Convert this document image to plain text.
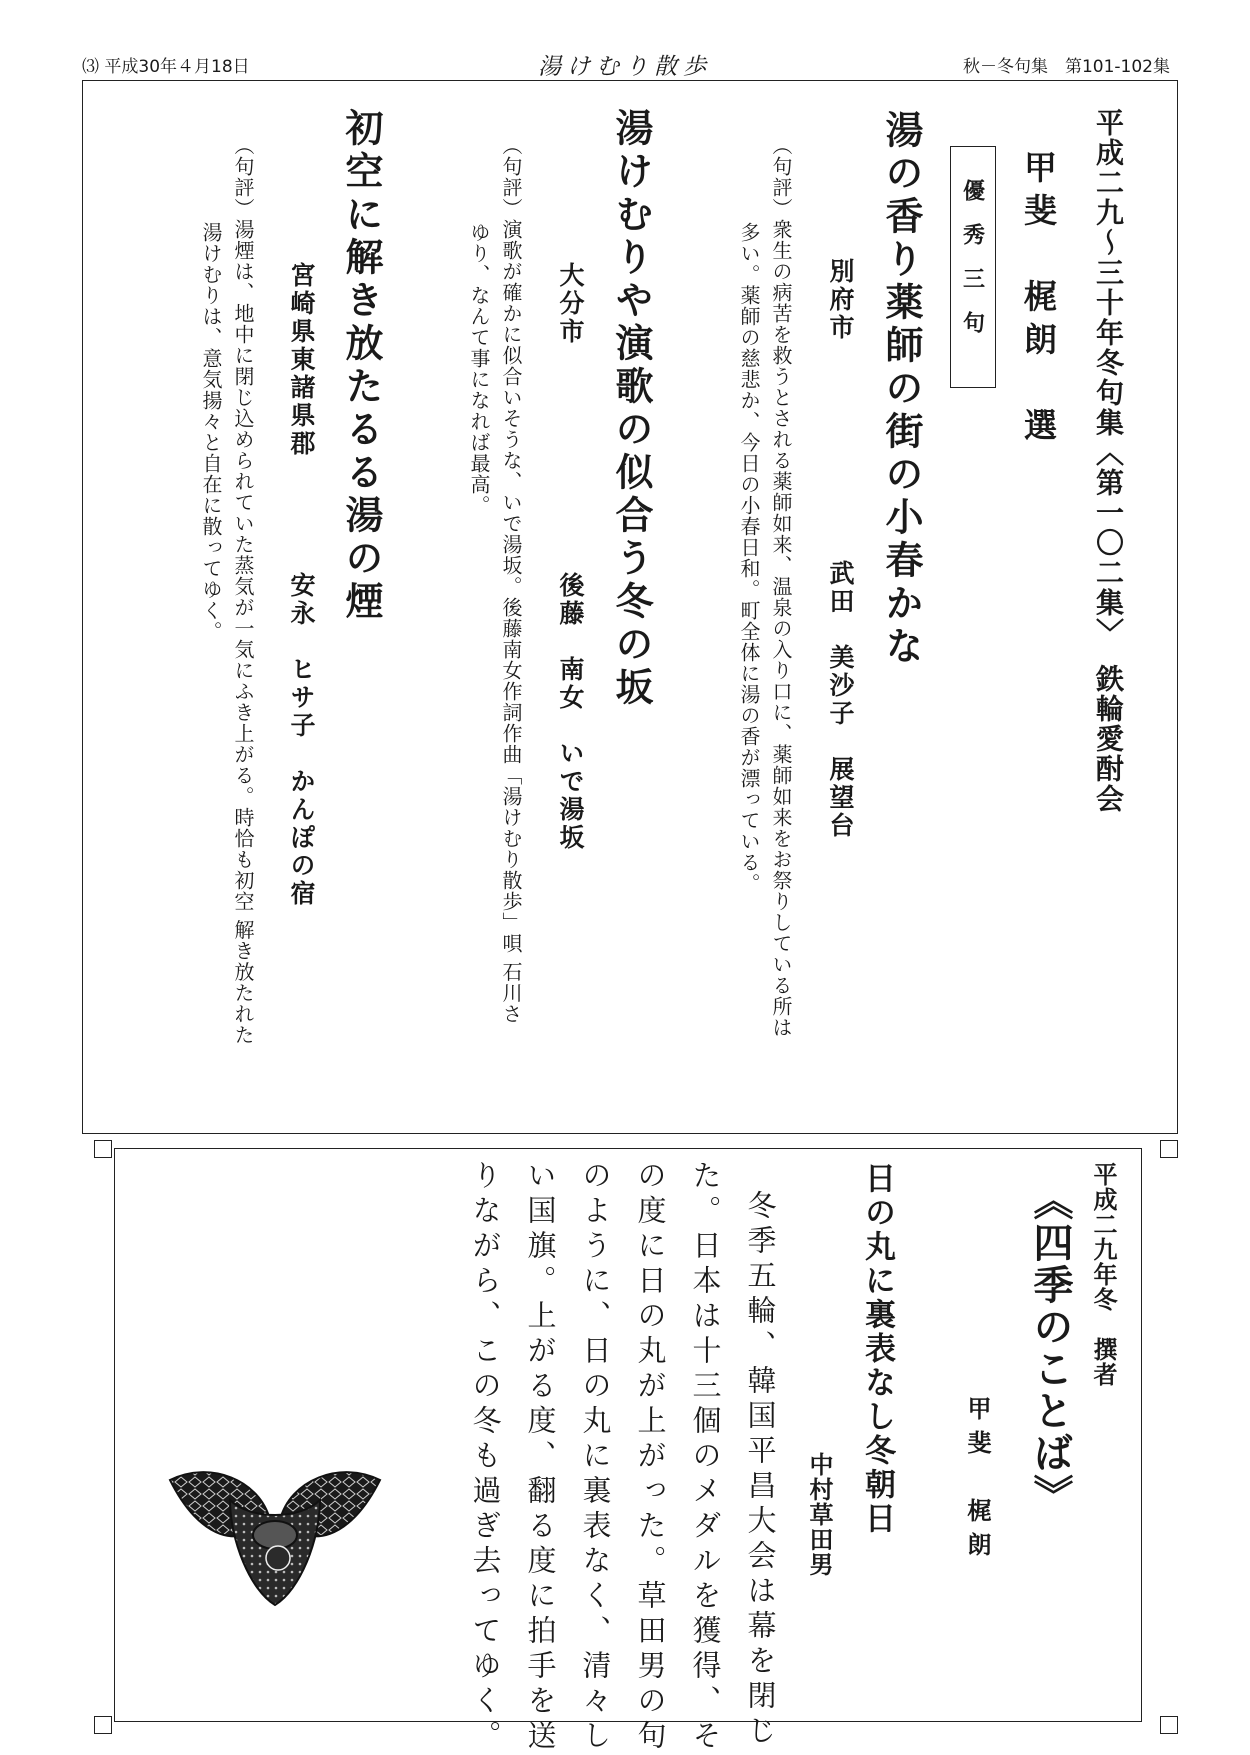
⑶ 平成30年４月18日	湯けむり散歩	秋－冬句集　第101-102集

平成二九～三十年冬句集〈第一〇二集〉　鉄輪愛酎会
甲斐　梶朗　選
優秀三句
湯の香り薬師の街の小春かな
別府市
武田　美沙子　展望台
（句評）衆生の病苦を救うとされる薬師如来、温泉の入り口に、薬師如来をお祭りしている所は
多い。薬師の慈悲か、今日の小春日和。町全体に湯の香が漂っている。
湯けむりや演歌の似合う冬の坂
大分市
後藤　南女　いで湯坂
（句評）演歌が確かに似合いそうな、いで湯坂。後藤南女作詞作曲「湯けむり散歩」唄 石川さ
ゆり、なんて事になれば最高。
初空に解き放たるる湯の煙
宮崎県東諸県郡
安永　ヒサ子　かんぽの宿
（句評）湯煙は、地中に閉じ込められていた蒸気が一気にふき上がる。時恰も初空 解き放たれた
湯けむりは、意気揚々と自在に散ってゆく。
平成二九年冬　撰者
《四季のことば》
甲斐　梶朗
日の丸に裏表なし冬朝日
中村草田男
冬季五輪、韓国平昌大会は幕を閉じ
た。日本は十三個のメダルを獲得、そ
の度に日の丸が上がった。草田男の句
のように、日の丸に裏表なく、清々し
い国旗。上がる度、翻る度に拍手を送
りながら、この冬も過ぎ去ってゆく。
